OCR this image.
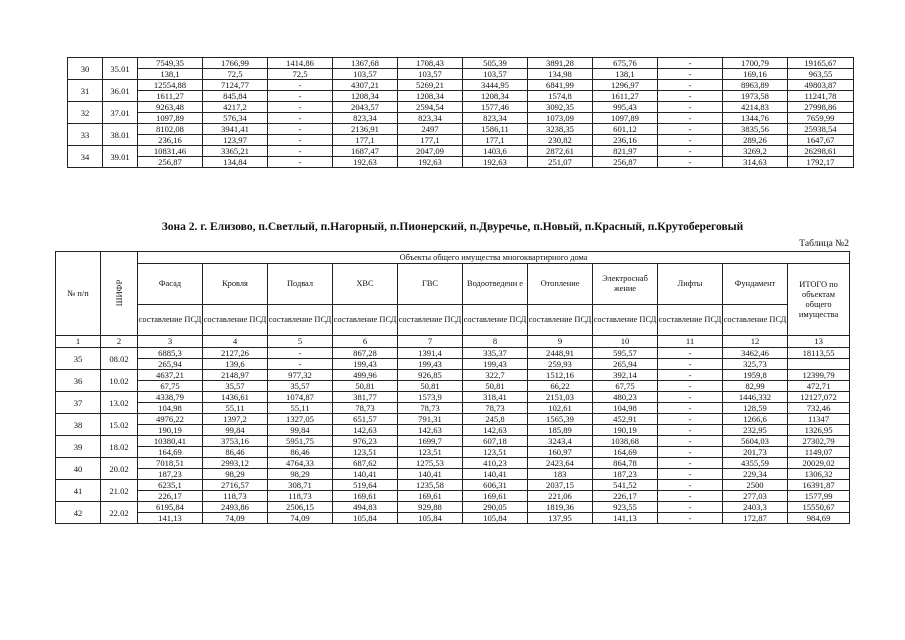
30	35.01	7549,35	1766,99	1414,86	1367,68	1708,43	505,39	3891,28	675,76	-	1700,79	19165,67
		138,1	72,5	72,5	103,57	103,57	103,57	134,98	138,1	-	169,16	963,55
31	36.01	12554,88	7124,77	-	4307,21	5269,21	3444,95	6841,99	1296,97	-	8963,89	49803,87
		1611,27	845,84	-	1208,34	1208,34	1208,34	1574,8	1611,27	-	1973,58	11241,78
32	37.01	9263,48	4217,2	-	2043,57	2594,54	1577,46	3092,35	995,43	-	4214,83	27998,86
		1097,89	576,34	-	823,34	823,34	823,34	1073,09	1097,89	-	1344,76	7659,99
33	38.01	8102,08	3941,41	-	2136,91	2497	1586,11	3238,35	601,12	-	3835,56	25938,54
		236,16	123,97	-	177,1	177,1	177,1	230,82	236,16	-	289,26	1647,67
34	39.01	10831,46	3365,21	-	1687,47	2047,09	1403,6	2872,61	821,97	-	3269,2	26298,61
		256,87	134,84	-	192,63	192,63	192,63	251,07	256,87	-	314,63	1792,17
Зона 2. г. Елизово, п.Светлый, п.Нагорный, п.Пионерский, п.Двуречье, п.Новый, п.Красный, п.Крутобереговый
Таблица №2
№ п/п	ШИФР	Объекты общего имущества многоквартирного дома										
		Фасад	Кровля	Подвал	ХВС	ГВС	Водоотведени е	Отопление	Электроснаб жение	Лифты	Фундамент	ИТОГО по объектам общего имущества
		составление ПСД	составление ПСД	составление ПСД	составление ПСД	составление ПСД	составление ПСД	составление ПСД	составление ПСД	составление ПСД	составление ПСД	
1	2	3	4	5	6	7	8	9	10	11	12	13
35	08.02	6885,3	2127,26	-	867,28	1391,4	335,37	2448,91	595,57	-	3462,46	18113,55
		265,94	139,6	-	199,43	199,43	199,43	259,93	265,94	-	325,73	
36	10.02	4637,21	2148,97	977,32	499,96	926,85	322,7	1512,16	392,14	-	1959,8	12399,79
		67,75	35,57	35,57	50,81	50,81	50,81	66,22	67,75	-	82,99	472,71
37	13.02	4338,79	1436,61	1074,87	381,77	1573,9	318,41	2151,03	480,23	-	1446,332	12127,072
		104,98	55,11	55,11	78,73	78,73	78,73	102,61	104,98	-	128,59	732,46
38	15.02	4976,22	1397,2	1327,05	651,57	791,31	245,8	1565,39	452,91	-	1266,6	11347
		190,19	99,84	99,84	142,63	142,63	142,63	185,89	190,19	-	232,95	1326,95
39	18.02	10380,41	3753,16	5951,75	976,23	1699,7	607,18	3243,4	1038,68	-	5604,03	27302,79
		164,69	86,46	86,46	123,51	123,51	123,51	160,97	164,69	-	201,73	1149,07
40	20.02	7018,51	2993,12	4764,33	687,62	1275,53	410,23	2423,64	864,78	-	4355,59	20029,02
		187,23	98,29	98,29	140,41	140,41	140,41	183	187,23	-	229,34	1306,32
41	21.02	6235,1	2716,57	308,71	519,64	1235,58	606,31	2037,15	541,52	-	2500	16391,87
		226,17	118,73	118,73	169,61	169,61	169,61	221,06	226,17	-	277,03	1577,99
42	22.02	6195,84	2493,86	2506,15	494,83	929,88	290,05	1819,36	923,55	-	2403,3	15550,67
		141,13	74,09	74,09	105,84	105,84	105,84	137,95	141,13	-	172,87	984,69
